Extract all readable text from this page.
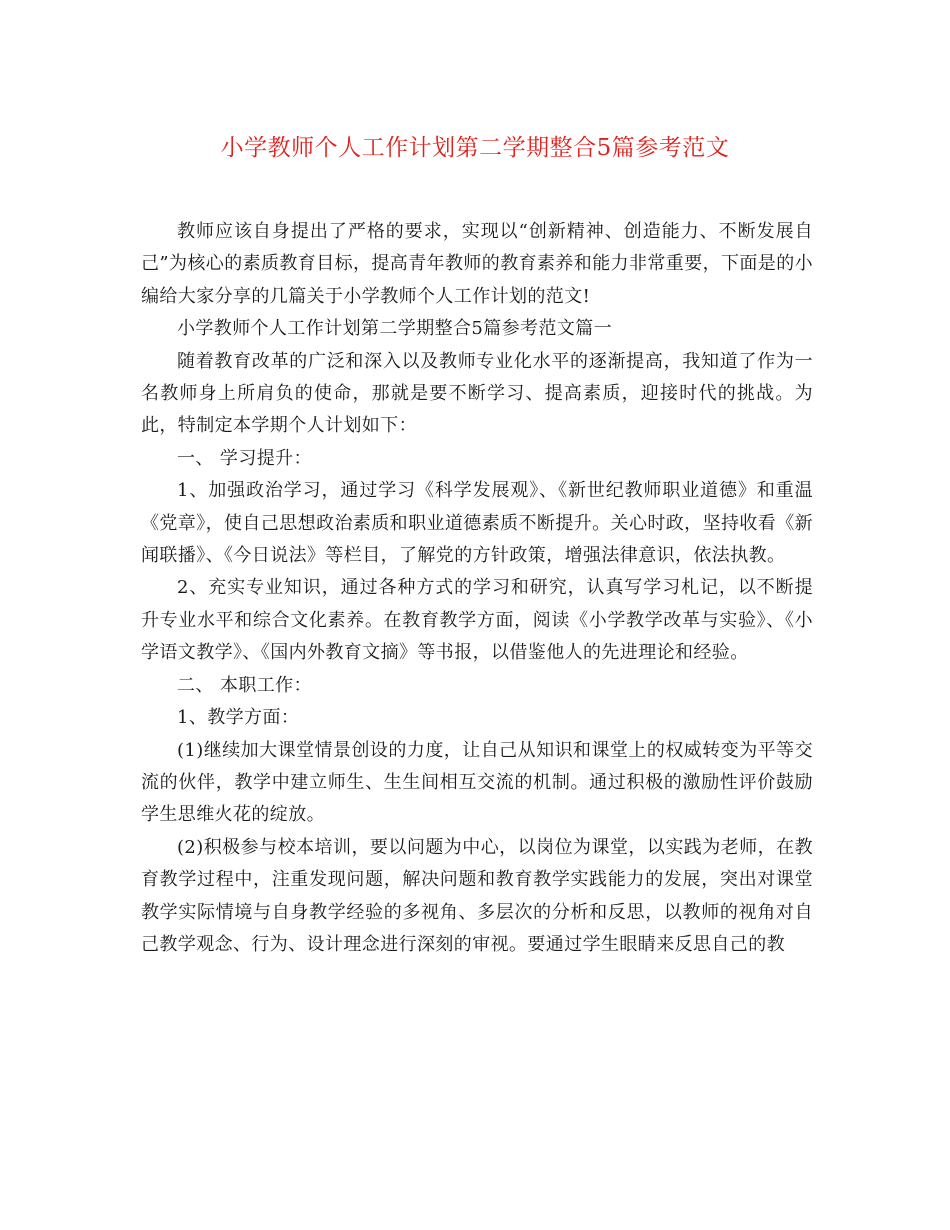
小学教师个人工作计划第二学期整合5篇参考范文

教师应该自身提出了严格的要求，实现以“创新精神、创造能力、不断发展自己”为核心的素质教育目标，提高青年教师的教育素养和能力非常重要，下面是的小编给大家分享的几篇关于小学教师个人工作计划的范文!

小学教师个人工作计划第二学期整合5篇参考范文篇一

随着教育改革的广泛和深入以及教师专业化水平的逐渐提高，我知道了作为一名教师身上所肩负的使命，那就是要不断学习、提高素质，迎接时代的挑战。为此，特制定本学期个人计划如下：

一、 学习提升：

1、加强政治学习，通过学习《科学发展观》、《新世纪教师职业道德》和重温《党章》，使自己思想政治素质和职业道德素质不断提升。关心时政，坚持收看《新闻联播》、《今日说法》等栏目，了解党的方针政策，增强法律意识，依法执教。

2、充实专业知识，通过各种方式的学习和研究，认真写学习札记，以不断提升专业水平和综合文化素养。在教育教学方面，阅读《小学教学改革与实验》、《小学语文教学》、《国内外教育文摘》等书报，以借鉴他人的先进理论和经验。

二、 本职工作：

1、教学方面：

(1)继续加大课堂情景创设的力度，让自己从知识和课堂上的权威转变为平等交流的伙伴，教学中建立师生、生生间相互交流的机制。通过积极的激励性评价鼓励学生思维火花的绽放。

(2)积极参与校本培训，要以问题为中心，以岗位为课堂，以实践为老师，在教育教学过程中，注重发现问题，解决问题和教育教学实践能力的发展，突出对课堂教学实际情境与自身教学经验的多视角、多层次的分析和反思，以教师的视角对自己教学观念、行为、设计理念进行深刻的审视。要通过学生眼睛来反思自己的教
